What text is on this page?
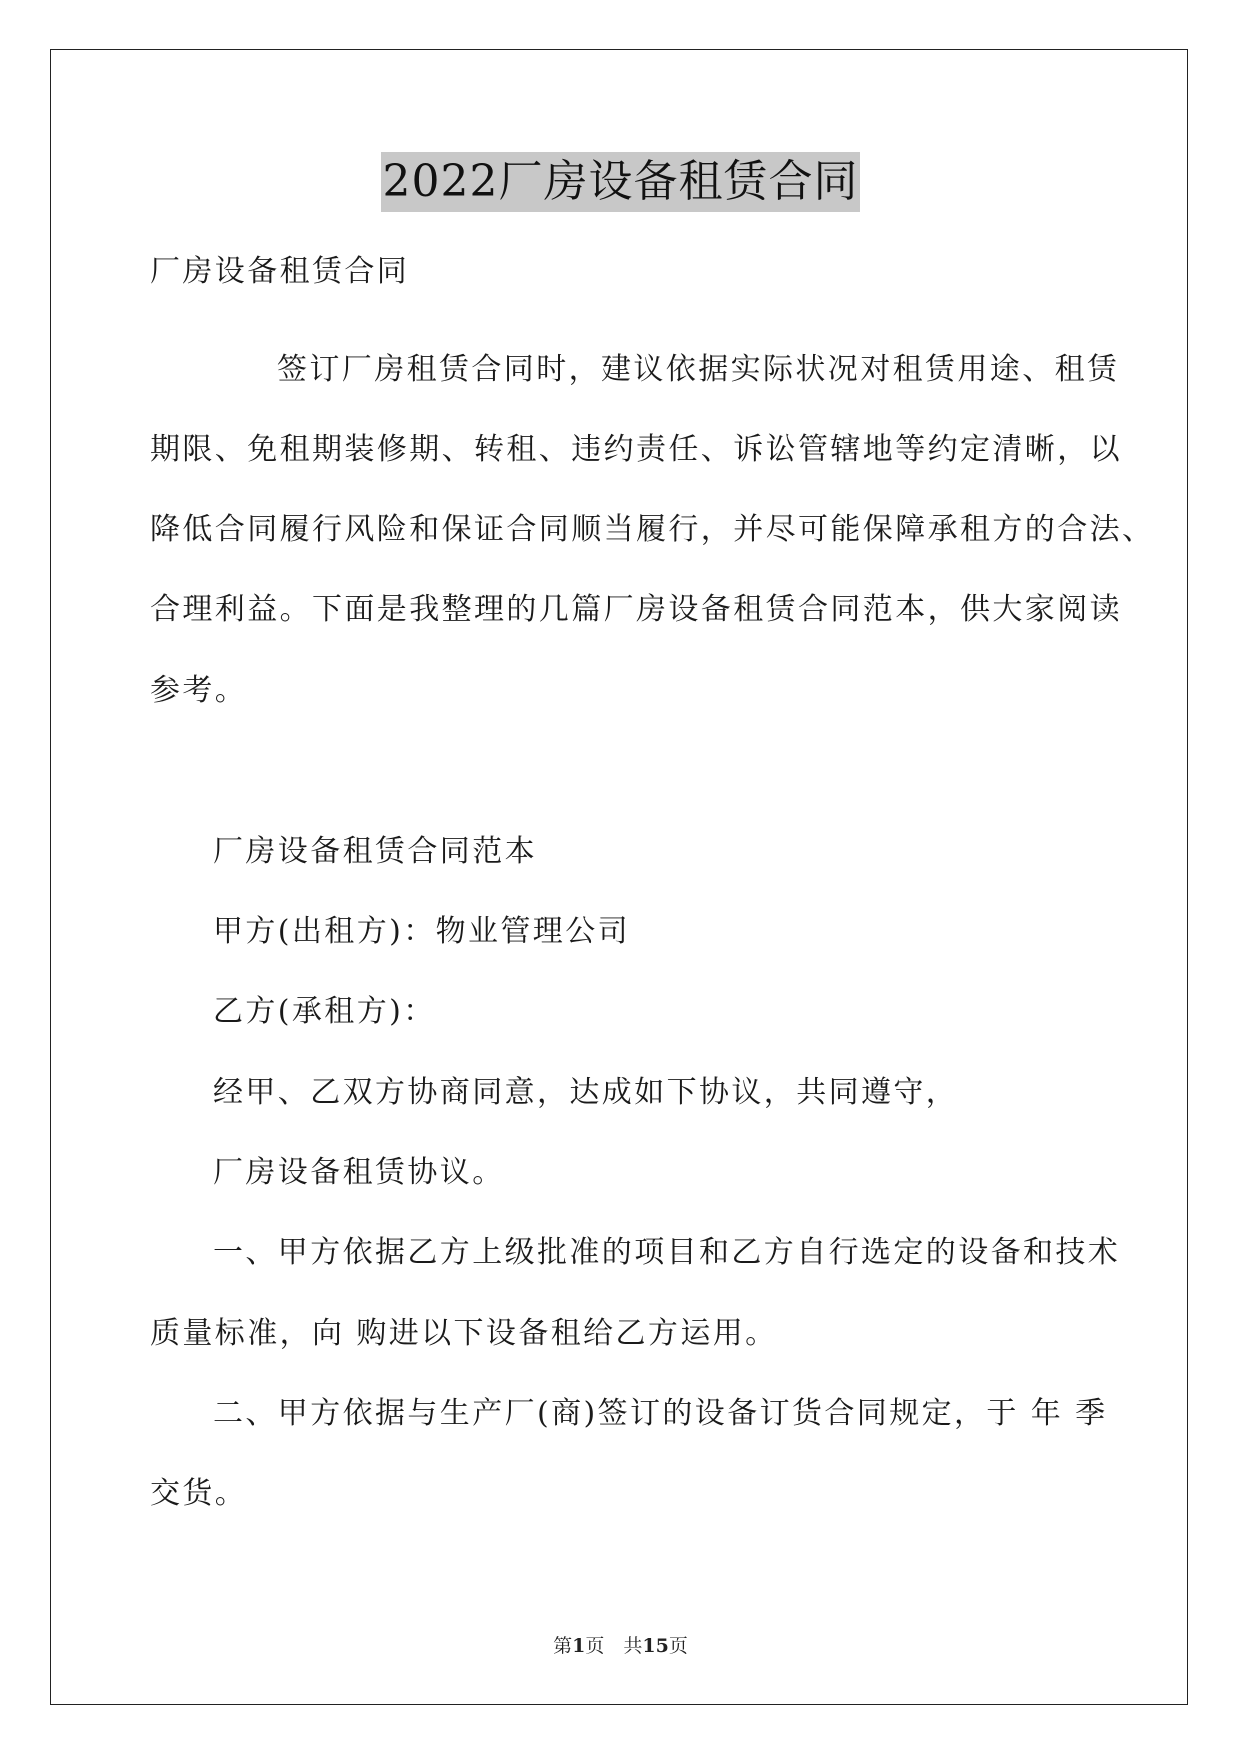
2022厂房设备租赁合同
厂房设备租赁合同
签订厂房租赁合同时，建议依据实际状况对租赁用途、租赁
期限、免租期装修期、转租、违约责任、诉讼管辖地等约定清晰，以
降低合同履行风险和保证合同顺当履行，并尽可能保障承租方的合法、
合理利益。下面是我整理的几篇厂房设备租赁合同范本，供大家阅读
参考。
厂房设备租赁合同范本
甲方(出租方)：物业管理公司
乙方(承租方)：
经甲、乙双方协商同意，达成如下协议，共同遵守，
厂房设备租赁协议。
一、甲方依据乙方上级批准的项目和乙方自行选定的设备和技术
质量标准，向 购进以下设备租给乙方运用。
二、甲方依据与生产厂(商)签订的设备订货合同规定，于 年 季
交货。
第1页　共15页
